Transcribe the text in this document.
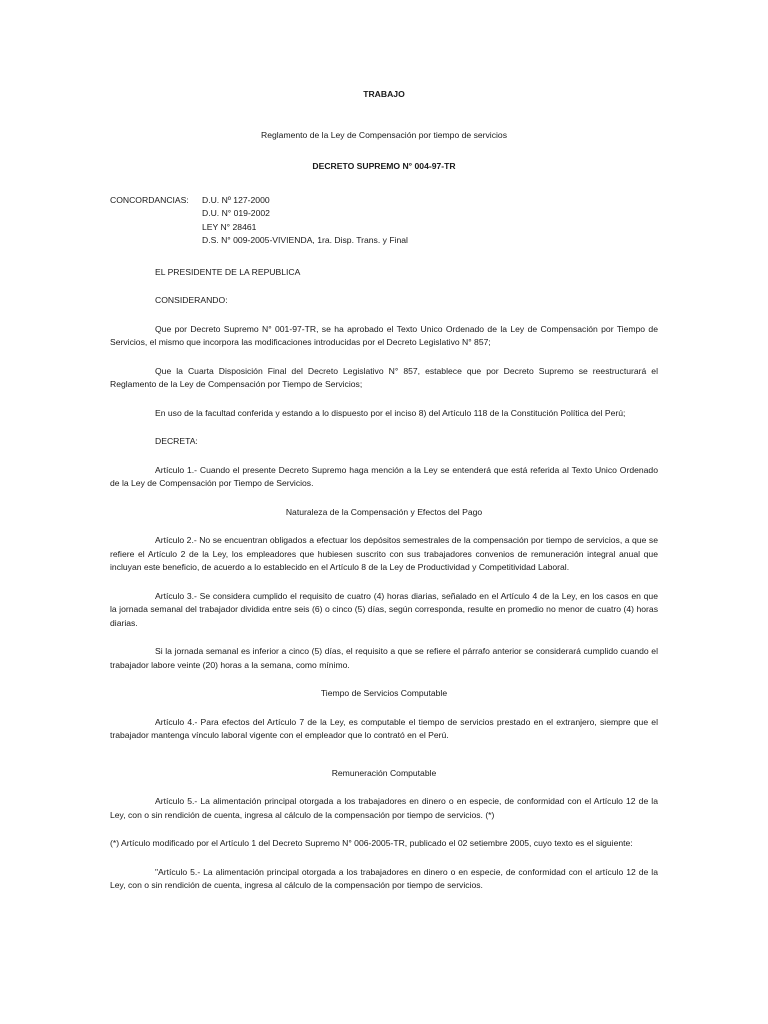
TRABAJO
Reglamento de la Ley de Compensación por tiempo de servicios
DECRETO SUPREMO N° 004-97-TR
CONCORDANCIAS:	D.U. Nº 127-2000
D.U. N° 019-2002
LEY N° 28461
D.S. N° 009-2005-VIVIENDA, 1ra. Disp. Trans. y Final
EL PRESIDENTE DE LA REPUBLICA
CONSIDERANDO:

Que por Decreto Supremo N° 001-97-TR, se ha aprobado el Texto Unico Ordenado de la Ley de Compensación por Tiempo de Servicios, el mismo que incorpora las modificaciones introducidas por el Decreto Legislativo N° 857;

Que la Cuarta Disposición Final del Decreto Legislativo N° 857, establece que por Decreto Supremo se reestructurará el Reglamento de la Ley de Compensación por Tiempo de Servicios;

En uso de la facultad conferida y estando a lo dispuesto por el inciso 8) del Artículo 118 de la Constitución Política del Perú;

DECRETA:

Artículo 1.- Cuando el presente Decreto Supremo haga mención a la Ley se entenderá que está referida al Texto Unico Ordenado de la Ley de Compensación por Tiempo de Servicios.

Naturaleza de la Compensación y Efectos del Pago

Artículo 2.- No se encuentran obligados a efectuar los depósitos semestrales de la compensación por tiempo de servicios, a que se refiere el Artículo 2 de la Ley, los empleadores que hubiesen suscrito con sus trabajadores convenios de remuneración integral anual que incluyan este beneficio, de acuerdo a lo establecido en el Artículo 8 de la Ley de Productividad y Competitividad Laboral.

Artículo 3.- Se considera cumplido el requisito de cuatro (4) horas diarias, señalado en el Artículo 4 de la Ley, en los casos en que la jornada semanal del trabajador dividida entre seis (6) o cinco (5) días, según corresponda, resulte en promedio no menor de cuatro (4) horas diarias.

Si la jornada semanal es inferior a cinco (5) días, el requisito a que se refiere el párrafo anterior se considerará cumplido cuando el trabajador labore veinte (20) horas a la semana, como mínimo.

Tiempo de Servicios Computable

Artículo 4.- Para efectos del Artículo 7 de la Ley, es computable el tiempo de servicios prestado en el extranjero, siempre que el trabajador mantenga vínculo laboral vigente con el empleador que lo contrató en el Perú.

Remuneración Computable

Artículo 5.- La alimentación principal otorgada a los trabajadores en dinero o en especie, de conformidad con el Artículo 12 de la Ley, con o sin rendición de cuenta, ingresa al cálculo de la compensación por tiempo de servicios. (*)

(*) Artículo modificado por el Artículo 1 del Decreto Supremo N° 006-2005-TR, publicado el 02 setiembre 2005, cuyo texto es el siguiente:

"Artículo 5.- La alimentación principal otorgada a los trabajadores en dinero o en especie, de conformidad con el artículo 12 de la Ley, con o sin rendición de cuenta, ingresa al cálculo de la compensación por tiempo de servicios.
